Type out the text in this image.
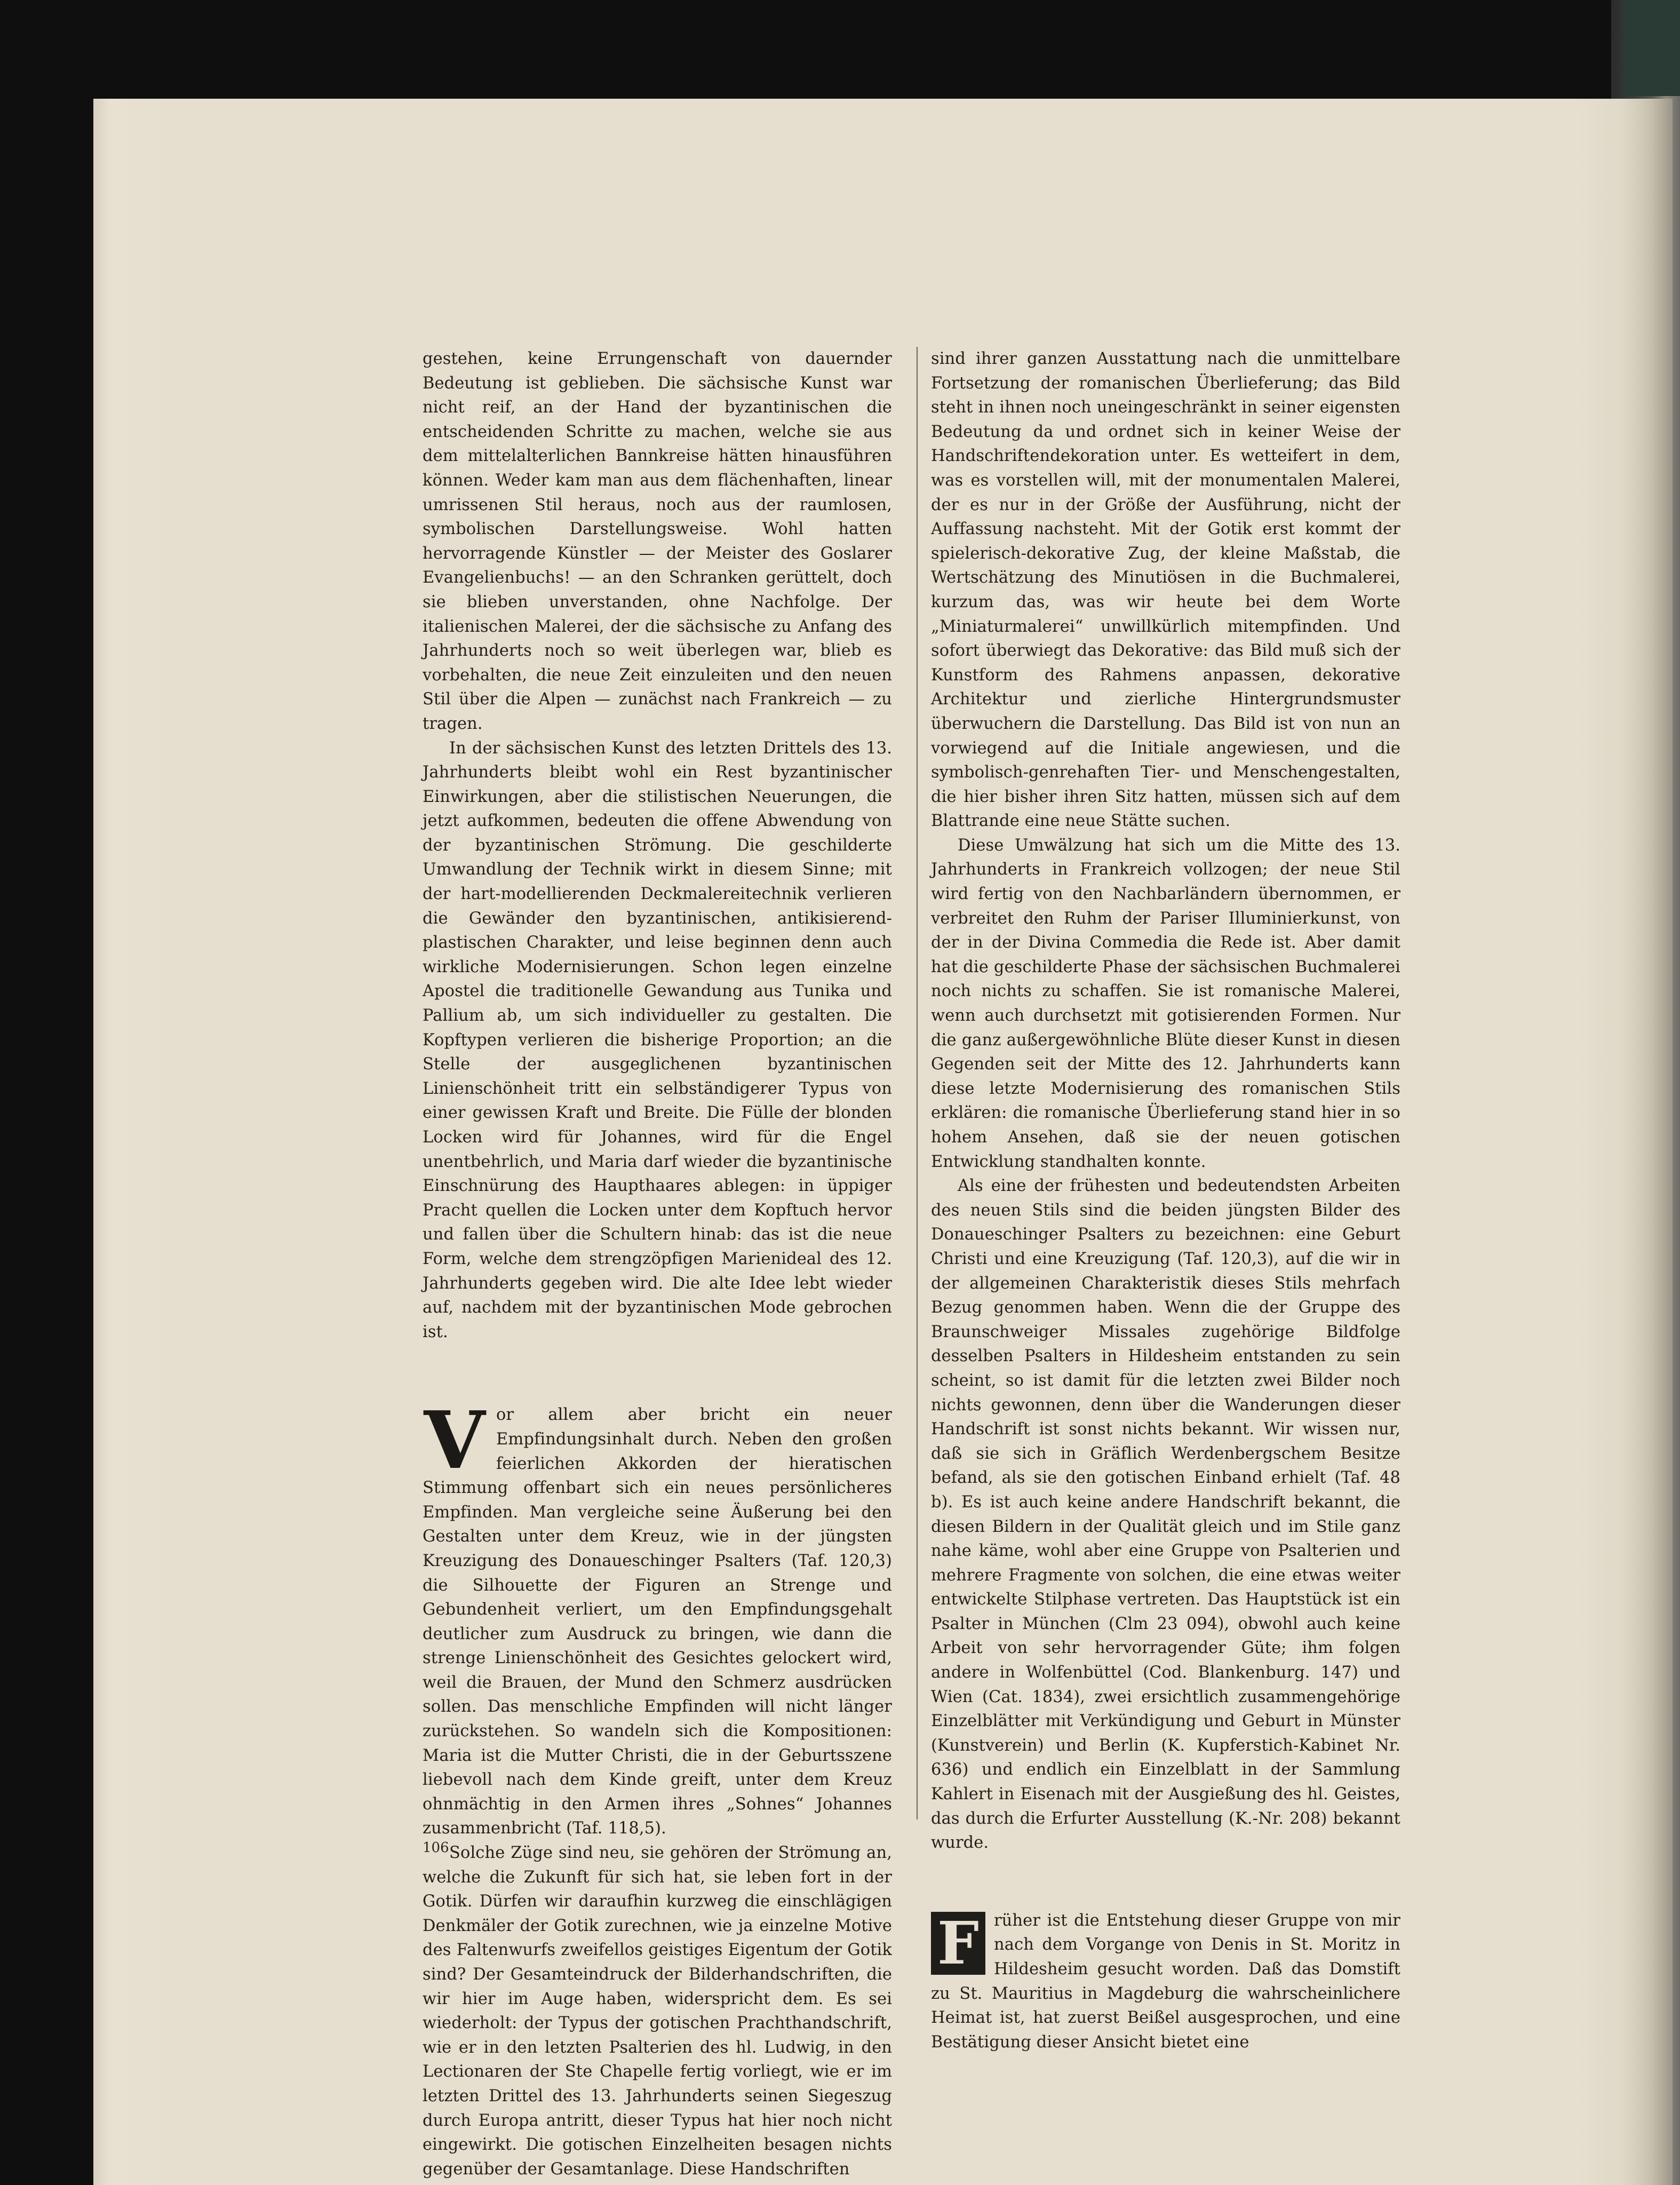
gestehen, keine Errungenschaft von dauernder Bedeutung ist geblieben. Die sächsische Kunst war nicht reif, an der Hand der byzantinischen die entscheidenden Schritte zu machen, welche sie aus dem mittelalterlichen Bannkreise hätten hinausführen können. Weder kam man aus dem flächenhaften, linear umrissenen Stil heraus, noch aus der raumlosen, symbolischen Darstellungsweise. Wohl hatten hervorragende Künstler — der Meister des Goslarer Evangelienbuchs! — an den Schranken gerüttelt, doch sie blieben unverstanden, ohne Nachfolge. Der italienischen Malerei, der die sächsische zu Anfang des Jahrhunderts noch so weit überlegen war, blieb es vorbehalten, die neue Zeit einzuleiten und den neuen Stil über die Alpen — zunächst nach Frankreich — zu tragen.

In der sächsischen Kunst des letzten Drittels des 13. Jahrhunderts bleibt wohl ein Rest byzantinischer Einwirkungen, aber die stilistischen Neuerungen, die jetzt aufkommen, bedeuten die offene Abwendung von der byzantinischen Strömung. Die geschilderte Umwandlung der Technik wirkt in diesem Sinne; mit der hart-modellierenden Deckmalereitechnik verlieren die Gewänder den byzantinischen, antikisierend-plastischen Charakter, und leise beginnen denn auch wirkliche Modernisierungen. Schon legen einzelne Apostel die traditionelle Gewandung aus Tunika und Pallium ab, um sich individueller zu gestalten. Die Kopftypen verlieren die bisherige Proportion; an die Stelle der ausgeglichenen byzantinischen Linienschönheit tritt ein selbständigerer Typus von einer gewissen Kraft und Breite. Die Fülle der blonden Locken wird für Johannes, wird für die Engel unentbehrlich, und Maria darf wieder die byzantinische Einschnürung des Haupthaares ablegen: in üppiger Pracht quellen die Locken unter dem Kopftuch hervor und fallen über die Schultern hinab: das ist die neue Form, welche dem strengzöpfigen Marienideal des 12. Jahrhunderts gegeben wird. Die alte Idee lebt wieder auf, nachdem mit der byzantinischen Mode gebrochen ist.

Vor allem aber bricht ein neuer Empfindungsinhalt durch. Neben den großen feierlichen Akkorden der hieratischen Stimmung offenbart sich ein neues persönlicheres Empfinden. Man vergleiche seine Äußerung bei den Gestalten unter dem Kreuz, wie in der jüngsten Kreuzigung des Donaueschinger Psalters (Taf. 120,3) die Silhouette der Figuren an Strenge und Gebundenheit verliert, um den Empfindungsgehalt deutlicher zum Ausdruck zu bringen, wie dann die strenge Linienschönheit des Gesichtes gelockert wird, weil die Brauen, der Mund den Schmerz ausdrücken sollen. Das menschliche Empfinden will nicht länger zurückstehen. So wandeln sich die Kompositionen: Maria ist die Mutter Christi, die in der Geburtsszene liebevoll nach dem Kinde greift, unter dem Kreuz ohnmächtig in den Armen ihres „Sohnes“ Johannes zusammenbricht (Taf. 118,5).

Solche Züge sind neu, sie gehören der Strömung an, welche die Zukunft für sich hat, sie leben fort in der Gotik. Dürfen wir daraufhin kurzweg die einschlägigen Denkmäler der Gotik zurechnen, wie ja einzelne Motive des Faltenwurfs zweifellos geistiges Eigentum der Gotik sind? Der Gesamteindruck der Bilderhandschriften, die wir hier im Auge haben, widerspricht dem. Es sei wiederholt: der Typus der gotischen Prachthandschrift, wie er in den letzten Psalterien des hl. Ludwig, in den Lectionaren der Ste Chapelle fertig vorliegt, wie er im letzten Drittel des 13. Jahrhunderts seinen Siegeszug durch Europa antritt, dieser Typus hat hier noch nicht eingewirkt. Die gotischen Einzelheiten besagen nichts gegenüber der Gesamtanlage. Diese Handschriften

sind ihrer ganzen Ausstattung nach die unmittelbare Fortsetzung der romanischen Überlieferung; das Bild steht in ihnen noch uneingeschränkt in seiner eigensten Bedeutung da und ordnet sich in keiner Weise der Handschriftendekoration unter. Es wetteifert in dem, was es vorstellen will, mit der monumentalen Malerei, der es nur in der Größe der Ausführung, nicht der Auffassung nachsteht. Mit der Gotik erst kommt der spielerisch-dekorative Zug, der kleine Maßstab, die Wertschätzung des Minutiösen in die Buchmalerei, kurzum das, was wir heute bei dem Worte „Miniaturmalerei“ unwillkürlich mitempfinden. Und sofort überwiegt das Dekorative: das Bild muß sich der Kunstform des Rahmens anpassen, dekorative Architektur und zierliche Hintergrundsmuster überwuchern die Darstellung. Das Bild ist von nun an vorwiegend auf die Initiale angewiesen, und die symbolisch-genrehaften Tier- und Menschengestalten, die hier bisher ihren Sitz hatten, müssen sich auf dem Blattrande eine neue Stätte suchen.

Diese Umwälzung hat sich um die Mitte des 13. Jahrhunderts in Frankreich vollzogen; der neue Stil wird fertig von den Nachbarländern übernommen, er verbreitet den Ruhm der Pariser Illuminierkunst, von der in der Divina Commedia die Rede ist. Aber damit hat die geschilderte Phase der sächsischen Buchmalerei noch nichts zu schaffen. Sie ist romanische Malerei, wenn auch durchsetzt mit gotisierenden Formen. Nur die ganz außergewöhnliche Blüte dieser Kunst in diesen Gegenden seit der Mitte des 12. Jahrhunderts kann diese letzte Modernisierung des romanischen Stils erklären: die romanische Überlieferung stand hier in so hohem Ansehen, daß sie der neuen gotischen Entwicklung standhalten konnte.

Als eine der frühesten und bedeutendsten Arbeiten des neuen Stils sind die beiden jüngsten Bilder des Donaueschinger Psalters zu bezeichnen: eine Geburt Christi und eine Kreuzigung (Taf. 120,3), auf die wir in der allgemeinen Charakteristik dieses Stils mehrfach Bezug genommen haben. Wenn die der Gruppe des Braunschweiger Missales zugehörige Bildfolge desselben Psalters in Hildesheim entstanden zu sein scheint, so ist damit für die letzten zwei Bilder noch nichts gewonnen, denn über die Wanderungen dieser Handschrift ist sonst nichts bekannt. Wir wissen nur, daß sie sich in Gräflich Werdenbergschem Besitze befand, als sie den gotischen Einband erhielt (Taf. 48 b). Es ist auch keine andere Handschrift bekannt, die diesen Bildern in der Qualität gleich und im Stile ganz nahe käme, wohl aber eine Gruppe von Psalterien und mehrere Fragmente von solchen, die eine etwas weiter entwickelte Stilphase vertreten. Das Hauptstück ist ein Psalter in München (Clm 23 094), obwohl auch keine Arbeit von sehr hervorragender Güte; ihm folgen andere in Wolfenbüttel (Cod. Blankenburg. 147) und Wien (Cat. 1834), zwei ersichtlich zusammengehörige Einzelblätter mit Verkündigung und Geburt in Münster (Kunstverein) und Berlin (K. Kupferstich-Kabinet Nr. 636) und endlich ein Einzelblatt in der Sammlung Kahlert in Eisenach mit der Ausgießung des hl. Geistes, das durch die Erfurter Ausstellung (K.-Nr. 208) bekannt wurde.

F rüher ist die Entstehung dieser Gruppe von mir nach dem Vorgange von Denis in St. Moritz in Hildesheim gesucht worden. Daß das Domstift zu St. Mauritius in Magdeburg die wahrscheinlichere Heimat ist, hat zuerst Beißel ausgesprochen, und eine Bestätigung dieser Ansicht bietet eine

106
